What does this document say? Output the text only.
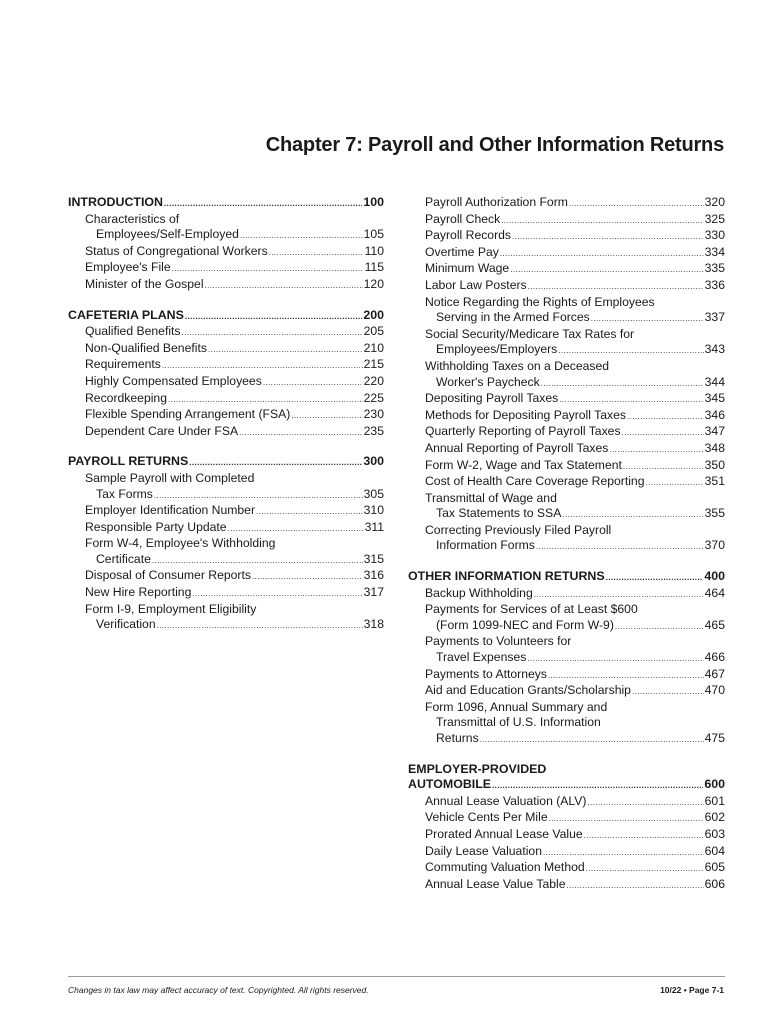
Chapter 7: Payroll and Other Information Returns
INTRODUCTION .....	100
Characteristics of
Employees/Self-Employed .....	105
Status of Congregational Workers .....	110
Employee's File .....	115
Minister of the Gospel .....	120
CAFETERIA PLANS .....	200
Qualified Benefits .....	205
Non-Qualified Benefits .....	210
Requirements .....	215
Highly Compensated Employees .....	220
Recordkeeping .....	225
Flexible Spending Arrangement (FSA) .....	230
Dependent Care Under FSA .....	235
PAYROLL RETURNS .....	300
Sample Payroll with Completed
Tax Forms .....	305
Employer Identification Number .....	310
Responsible Party Update .....	311
Form W-4, Employee's Withholding
Certificate .....	315
Disposal of Consumer Reports .....	316
New Hire Reporting .....	317
Form I-9, Employment Eligibility
Verification .....	318
Payroll Authorization Form .....	320
Payroll Check .....	325
Payroll Records .....	330
Overtime Pay .....	334
Minimum Wage .....	335
Labor Law Posters .....	336
Notice Regarding the Rights of Employees
Serving in the Armed Forces .....	337
Social Security/Medicare Tax Rates for
Employees/Employers .....	343
Withholding Taxes on a Deceased
Worker's Paycheck .....	344
Depositing Payroll Taxes .....	345
Methods for Depositing Payroll Taxes .....	346
Quarterly Reporting of Payroll Taxes .....	347
Annual Reporting of Payroll Taxes .....	348
Form W-2, Wage and Tax Statement .....	350
Cost of Health Care Coverage Reporting .....	351
Transmittal of Wage and
Tax Statements to SSA .....	355
Correcting Previously Filed Payroll
Information Forms .....	370
OTHER INFORMATION RETURNS .....	400
Backup Withholding .....	464
Payments for Services of at Least $600
(Form 1099-NEC and Form W-9) .....	465
Payments to Volunteers for
Travel Expenses .....	466
Payments to Attorneys .....	467
Aid and Education Grants/Scholarship .....	470
Form 1096, Annual Summary and
Transmittal of U.S. Information
Returns .....	475
EMPLOYER-PROVIDED
AUTOMOBILE .....	600
Annual Lease Valuation (ALV) .....	601
Vehicle Cents Per Mile .....	602
Prorated Annual Lease Value .....	603
Daily Lease Valuation .....	604
Commuting Valuation Method .....	605
Annual Lease Value Table .....	606
Changes in tax law may affect accuracy of text. Copyrighted. All rights reserved.	10/22 • Page 7-1
